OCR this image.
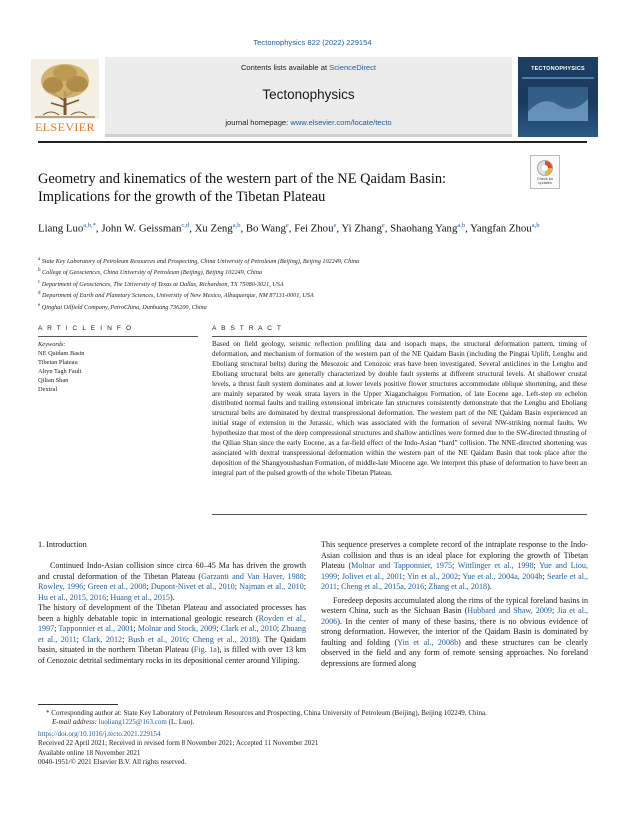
Tectonophysics 822 (2022) 229154
ELSEVIER
Contents lists available at ScienceDirect
Tectonophysics
journal homepage: www.elsevier.com/locate/tecto
TECTONOPHYSICS
Check for updates
Geometry and kinematics of the western part of the NE Qaidam Basin: Implications for the growth of the Tibetan Plateau
Liang Luo$^{a,b,*}$, John W. Geissman$^{c,d}$, Xu Zeng$^{a,b}$, Bo Wang$^e$, Fei Zhou$^e$, Yi Zhang$^e$, Shaohang Yang$^{a,b}$, Yangfan Zhou$^{a,b}$
$^a$ State Key Laboratory of Petroleum Resources and Prospecting, China University of Petroleum (Beijing), Beijing 102249, China
$^b$ College of Geosciences, China University of Petroleum (Beijing), Beijing 102249, China
$^c$ Department of Geosciences, The University of Texas at Dallas, Richardson, TX 75080-3021, USA
$^d$ Department of Earth and Planetary Sciences, University of New Mexico, Albuquerque, NM 87131-0001, USA
$^e$ Qinghai Oilfield Company, PetroChina, Dunhuang 736200, China
A R T I C L E I N F O	A B S T R A C T
Keywords:
NE Qaidam Basin
Tibetan Plateau
Altyn Tagh Fault
Qilian Shan
Dextral
Based on field geology, seismic reflection profiling data and isopach maps, the structural deformation pattern, timing of deformation, and mechanism of formation of the western part of the NE Qaidam Basin (including the Pingtai Uplift, Lenghu and Eboliang structural belts) during the Mesozoic and Cenozoic eras have been investigated. Several anticlines in the Lenghu and Eboliang structural belts are generally characterized by double fault systems at different structural levels. At shallower crustal levels, a thrust fault system dominates and at lower levels positive flower structures accommodate oblique shortening, and these are mainly separated by weak strata layers in the Upper Xiaganchaigou Formation, of late Eocene age. Left-step en echelon distributed normal faults and trailing extensional imbricate fan structures consistently demonstrate that the Lenghu and Eboliang structural belts are dominated by dextral transpressional deformation. The western part of the NE Qaidam Basin experienced an initial stage of extension in the Jurassic, which was associated with the formation of several NW-striking normal faults. We hypothesize that most of the deep compressional structures and shallow anticlines were formed due to the SW-directed thrusting of the Qilian Shan since the early Eocene, as a far-field effect of the Indo-Asian “hard” collision. The NNE-directed shortening was associated with dextral transpressional deformation within the western part of the NE Qaidam Basin that took place after the deposition of the Shangyoushashan Formation, of middle-late Miocene age. We interpret this phase of deformation to have been an integral part of the pulsed growth of the whole Tibetan Plateau.
1. Introduction

Continued Indo-Asian collision since circa 60–45 Ma has driven the growth and crustal deformation of the Tibetan Plateau (Garzanti and Van Haver, 1988; Rowley, 1996; Green et al., 2008; Dupont-Nivet et al., 2010; Najman et al., 2010; Hu et al., 2015, 2016; Huang et al., 2015).

The history of development of the Tibetan Plateau and associated processes has been a highly debatable topic in international geologic research (Royden et al., 1997; Tapponnier et al., 2001; Molnar and Stock, 2009; Clark et al., 2010; Zhuang et al., 2011; Clark, 2012; Bush et al., 2016; Cheng et al., 2018). The Qaidam basin, situated in the northern Tibetan Plateau (Fig. 1a), is filled with over 13 km of Cenozoic detrital sedimentary rocks in its depositional center around Yiliping.

This sequence preserves a complete record of the intraplate response to the Indo-Asian collision and thus is an ideal place for exploring the growth of Tibetan Plateau (Molnar and Tapponnier, 1975; Wittlinger et al., 1998; Yue and Liou, 1999; Jolivet et al., 2001; Yin et al., 2002; Yue et al., 2004a, 2004b; Searle et al., 2011; Cheng et al., 2015a, 2016; Zhang et al., 2018).

Foredeep deposits accumulated along the rims of the typical foreland basins in western China, such as the Sichuan Basin (Hubbard and Shaw, 2009; Jia et al., 2006). In the center of many of these basins, there is no obvious evidence of strong deformation. However, the interior of the Qaidam Basin is dominated by faulting and folding (Yin et al., 2008b) and these structures can be clearly observed in the field and any form of remote sensing approaches. No foreland depressions are formed along

* Corresponding author at: State Key Laboratory of Petroleum Resources and Prospecting, China University of Petroleum (Beijing), Beijing 102249, China.
E-mail address: luoliang1225@163.com (L. Luo).
https://doi.org/10.1016/j.tecto.2021.229154
Received 22 April 2021; Received in revised form 8 November 2021; Accepted 11 November 2021
Available online 18 November 2021
0040-1951/© 2021 Elsevier B.V. All rights reserved.
